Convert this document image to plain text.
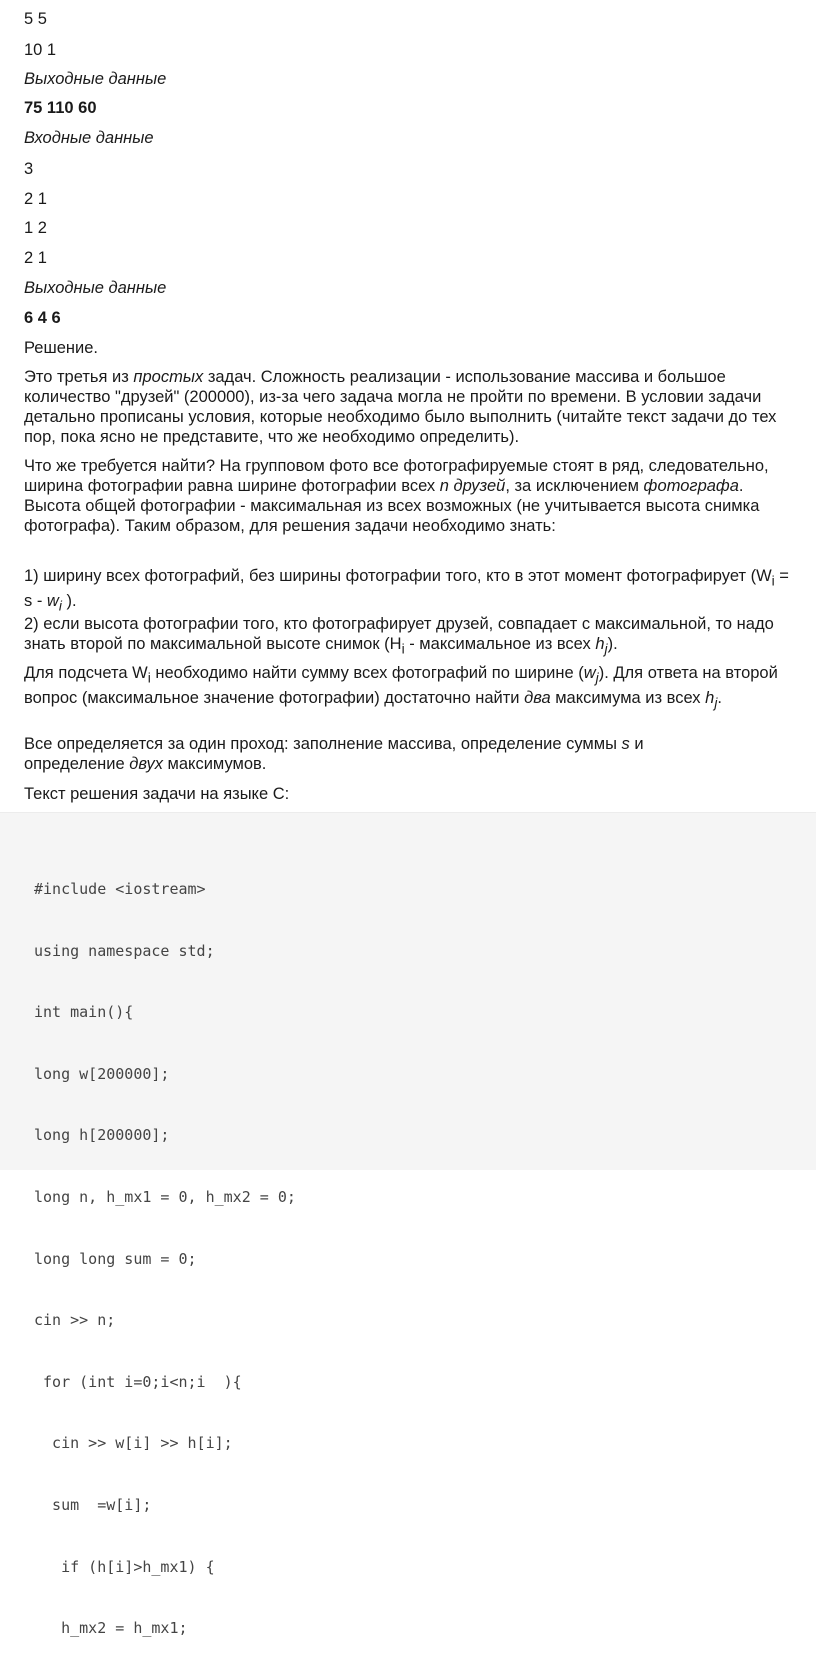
5 5

10 1

Выходные данные

75 110 60

Входные данные

3

2 1

1 2

2 1

Выходные данные

6 4 6

Решение.

Это третья из простых задач. Сложность реализации - использование массива и большое количество "друзей" (200000), из-за чего задача могла не пройти по времени. В условии задачи детально прописаны условия, которые необходимо было выполнить (читайте текст задачи до тех пор, пока ясно не представите, что же необходимо определить).

Что же требуется найти? На групповом фото все фотографируемые стоят в ряд, следовательно, ширина фотографии равна ширине фотографии всех n друзей, за исключением фотографа. Высота общей фотографии - максимальная из всех возможных (не учитывается высота снимка фотографа). Таким образом, для решения задачи необходимо знать:

1) ширину всех фотографий, без ширины фотографии того, кто в этот момент фотографирует ($W_i = s - w_i$ ).

2) если высота фотографии того, кто фотографирует друзей, совпадает с максимальной, то надо знать второй по максимальной высоте снимок ($H_i$ - максимальное из всех $h_j$).

Для подсчета $W_i$ необходимо найти сумму всех фотографий по ширине $(w_j)$. Для ответа на второй вопрос (максимальное значение фотографии) достаточно найти два максимума из всех $h_j$.

Все определяется за один проход: заполнение массива, определение суммы s и определение двух максимумов.

Текст решения задачи на языке С:

#include <iostream>

using namespace std;

int main(){

long w[200000];

long h[200000];

long n, h_mx1 = 0, h_mx2 = 0;

long long sum = 0;

cin >> n;

for (int i=0;i<n;i  ){

cin >> w[i] >> h[i];

sum  =w[i];

if (h[i]>h_mx1) {

h_mx2 = h_mx1;
